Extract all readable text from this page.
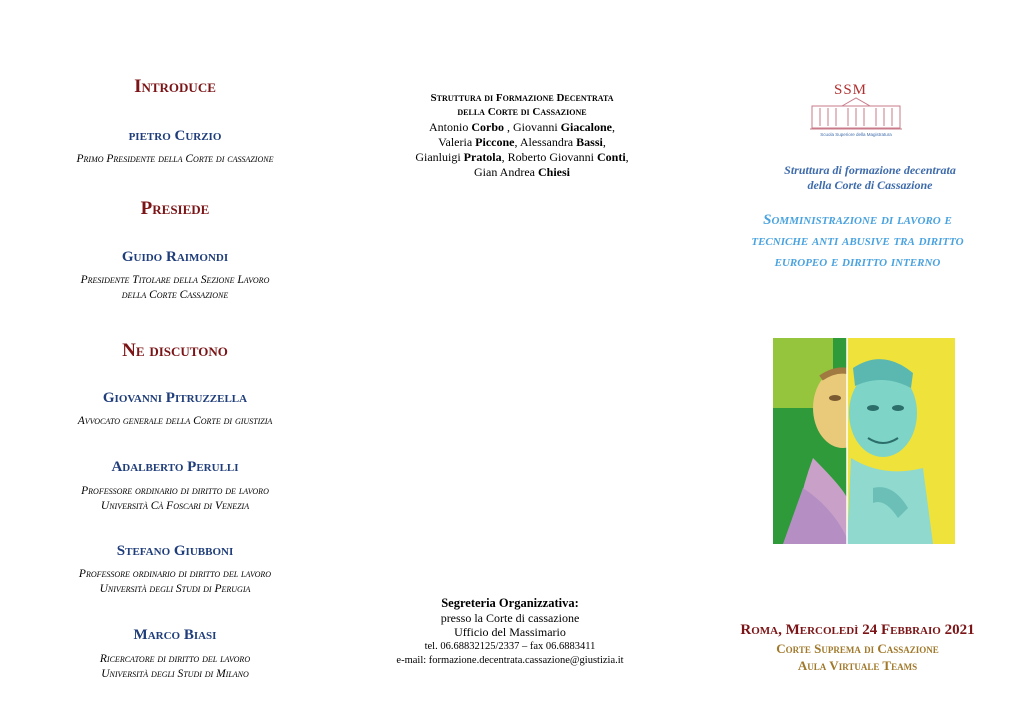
Introduce
pietro Curzio
Primo Presidente della Corte di cassazione
Presiede
Guido Raimondi
Presidente Titolare della Sezione Lavoro
della Corte Cassazione
Ne discutono
Giovanni Pitruzzella
Avvocato generale della Corte di giustizia
Adalberto Perulli
Professore ordinario di diritto de lavoro
Università Cà Foscari di Venezia
Stefano Giubboni
Professore ordinario di diritto del lavoro
Università degli Studi di Perugia
Marco Biasi
Ricercatore di diritto del lavoro
Università degli Studi di Milano
Struttura di Formazione Decentrata
della Corte di Cassazione
Antonio Corbo , Giovanni Giacalone,
Valeria Piccone, Alessandra Bassi,
Gianluigi Pratola, Roberto Giovanni Conti,
Gian Andrea Chiesi
Segreteria Organizzativa:
presso la Corte di cassazione
Ufficio del Massimario
tel. 06.68832125/2337 – fax 06.6883411
e-mail: formazione.decentrata.cassazione@giustizia.it
SSM
Scuola Superiore della Magistratura
Struttura di formazione decentrata
della Corte di Cassazione
Somministrazione di lavoro e
tecniche anti abusive tra diritto
europeo e diritto interno
Roma, Mercoledì 24 Febbraio 2021
Corte Suprema di Cassazione
Aula Virtuale Teams
